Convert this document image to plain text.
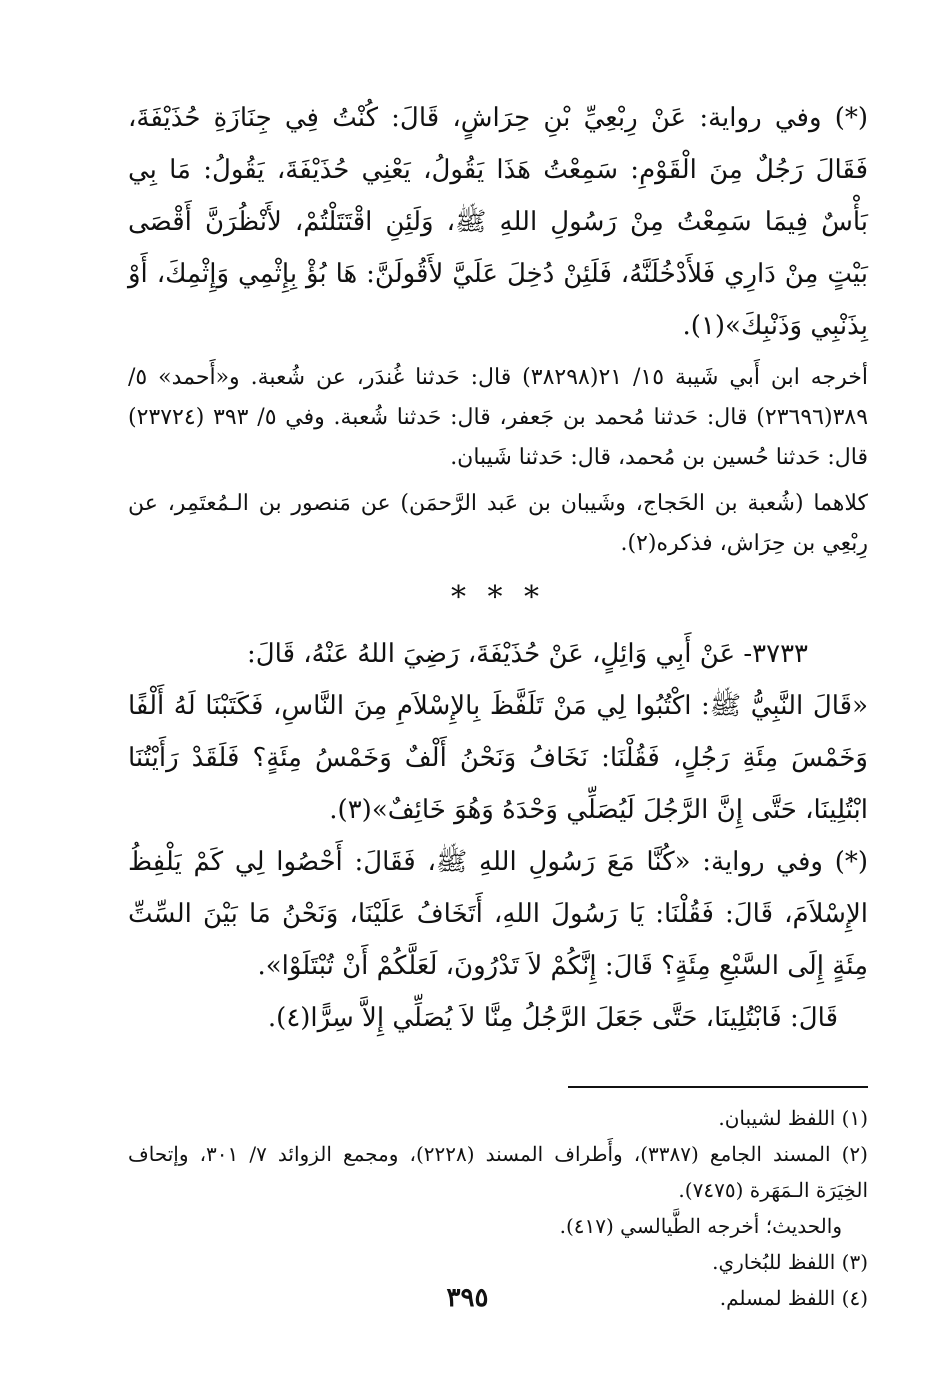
(*) وفي رواية: عَنْ رِبْعِيِّ بْنِ حِرَاشٍ، قَالَ: كُنْتُ فِي جِنَازَةِ حُذَيْفَةَ، فَقَالَ رَجُلٌ مِنَ الْقَوْمِ: سَمِعْتُ هَذَا يَقُولُ، يَعْنِي حُذَيْفَةَ، يَقُولُ: مَا بِي بَأْسٌ فِيمَا سَمِعْتُ مِنْ رَسُولِ اللهِ ﷺ، وَلَئِنِ اقْتَتَلْتُمْ، لأَنْظُرَنَّ أَقْصَى بَيْتٍ مِنْ دَارِي فَلأَدْخُلَنَّهُ، فَلَئِنْ دُخِلَ عَلَيَّ لأَقُولَنَّ: هَا بُؤْ بِإِثْمِي وَإِثْمِكَ، أَوْ بِذَنْبِي وَذَنْبِكَ»(١).

أخرجه ابن أَبي شَيبة ١٥/ ٢١(٣٨٢٩٨) قال: حَدثنا غُندَر، عن شُعبة. و«أَحمد» ٥/ ٣٨٩(٢٣٦٩٦) قال: حَدثنا مُحمد بن جَعفر، قال: حَدثنا شُعبة. وفي ٥/ ٣٩٣ (٢٣٧٢٤) قال: حَدثنا حُسين بن مُحمد، قال: حَدثنا شَيبان.

كلاهما (شُعبة بن الحَجاج، وشَيبان بن عَبد الرَّحمَن) عن مَنصور بن الـمُعتَمِر، عن رِبْعِي بن حِرَاش، فذكره(٢).

* * *

٣٧٣٣- عَنْ أَبِي وَائِلٍ، عَنْ حُذَيْفَةَ، رَضِيَ اللهُ عَنْهُ، قَالَ:

«قَالَ النَّبِيُّ ﷺ: اكْتُبُوا لِي مَنْ تَلَفَّظَ بِالإِسْلاَمِ مِنَ النَّاسِ، فَكَتَبْنَا لَهُ أَلْفًا وَخَمْسَ مِئَةِ رَجُلٍ، فَقُلْنَا: نَخَافُ وَنَحْنُ أَلْفٌ وَخَمْسُ مِئَةٍ؟ فَلَقَدْ رَأَيْتُنَا ابْتُلِينَا، حَتَّى إِنَّ الرَّجُلَ لَيُصَلِّي وَحْدَهُ وَهُوَ خَائِفٌ»(٣).

(*) وفي رواية: «كُنَّا مَعَ رَسُولِ اللهِ ﷺ، فَقَالَ: أَحْصُوا لِي كَمْ يَلْفِظُ الإِسْلاَمَ، قَالَ: فَقُلْنَا: يَا رَسُولَ اللهِ، أَتَخَافُ عَلَيْنَا، وَنَحْنُ مَا بَيْنَ السِّتِّ مِئَةٍ إِلَى السَّبْعِ مِئَةٍ؟ قَالَ: إِنَّكُمْ لاَ تَدْرُونَ، لَعَلَّكُمْ أَنْ تُبْتَلَوْا».

قَالَ: فَابْتُلِينَا، حَتَّى جَعَلَ الرَّجُلُ مِنَّا لاَ يُصَلِّي إِلاَّ سِرًّا(٤).

(١) اللفظ لشيبان.

(٢) المسند الجامع (٣٣٨٧)، وأَطراف المسند (٢٢٢٨)، ومجمع الزوائد ٧/ ٣٠١، وإتحاف الخِيَرَة الـمَهَرة (٧٤٧٥).

والحديث؛ أخرجه الطَّيالسي (٤١٧).

(٣) اللفظ للبُخاري.

(٤) اللفظ لمسلم.

٣٩٥
